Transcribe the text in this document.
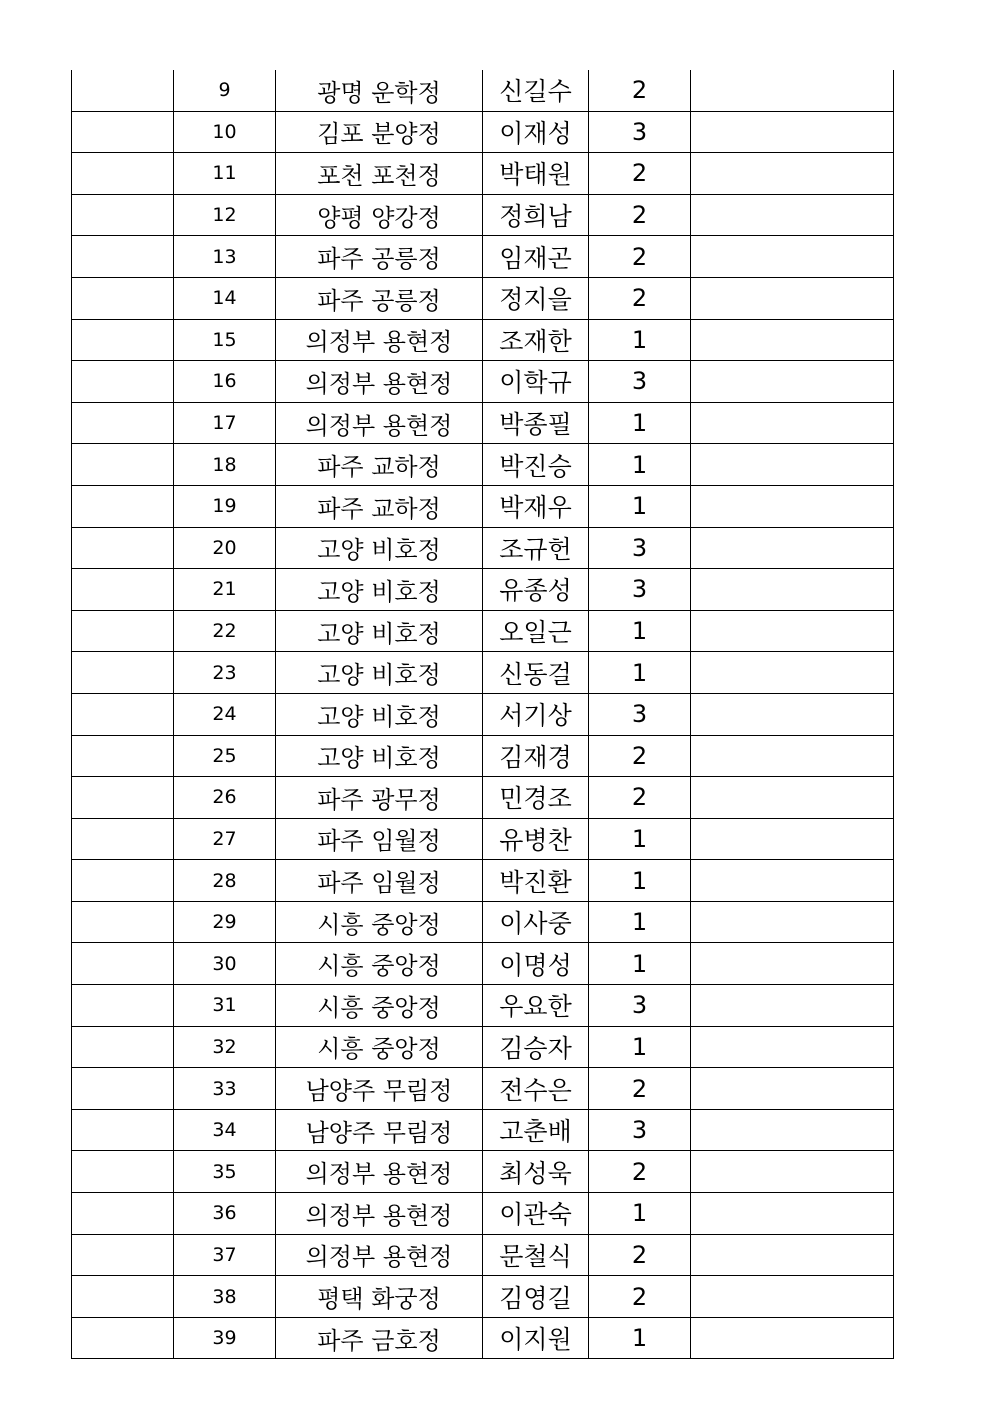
	9	광명 운학정	신길수	2	
	10	김포 분양정	이재성	3	
	11	포천 포천정	박태원	2	
	12	양평 양강정	정희남	2	
	13	파주 공릉정	임재곤	2	
	14	파주 공릉정	정지을	2	
	15	의정부 용현정	조재한	1	
	16	의정부 용현정	이학규	3	
	17	의정부 용현정	박종필	1	
	18	파주 교하정	박진승	1	
	19	파주 교하정	박재우	1	
	20	고양 비호정	조규헌	3	
	21	고양 비호정	유종성	3	
	22	고양 비호정	오일근	1	
	23	고양 비호정	신동걸	1	
	24	고양 비호정	서기상	3	
	25	고양 비호정	김재경	2	
	26	파주 광무정	민경조	2	
	27	파주 임월정	유병찬	1	
	28	파주 임월정	박진환	1	
	29	시흥 중앙정	이사중	1	
	30	시흥 중앙정	이명성	1	
	31	시흥 중앙정	우요한	3	
	32	시흥 중앙정	김승자	1	
	33	남양주 무림정	전수은	2	
	34	남양주 무림정	고춘배	3	
	35	의정부 용현정	최성욱	2	
	36	의정부 용현정	이관숙	1	
	37	의정부 용현정	문철식	2	
	38	평택 화궁정	김영길	2	
	39	파주 금호정	이지원	1	
